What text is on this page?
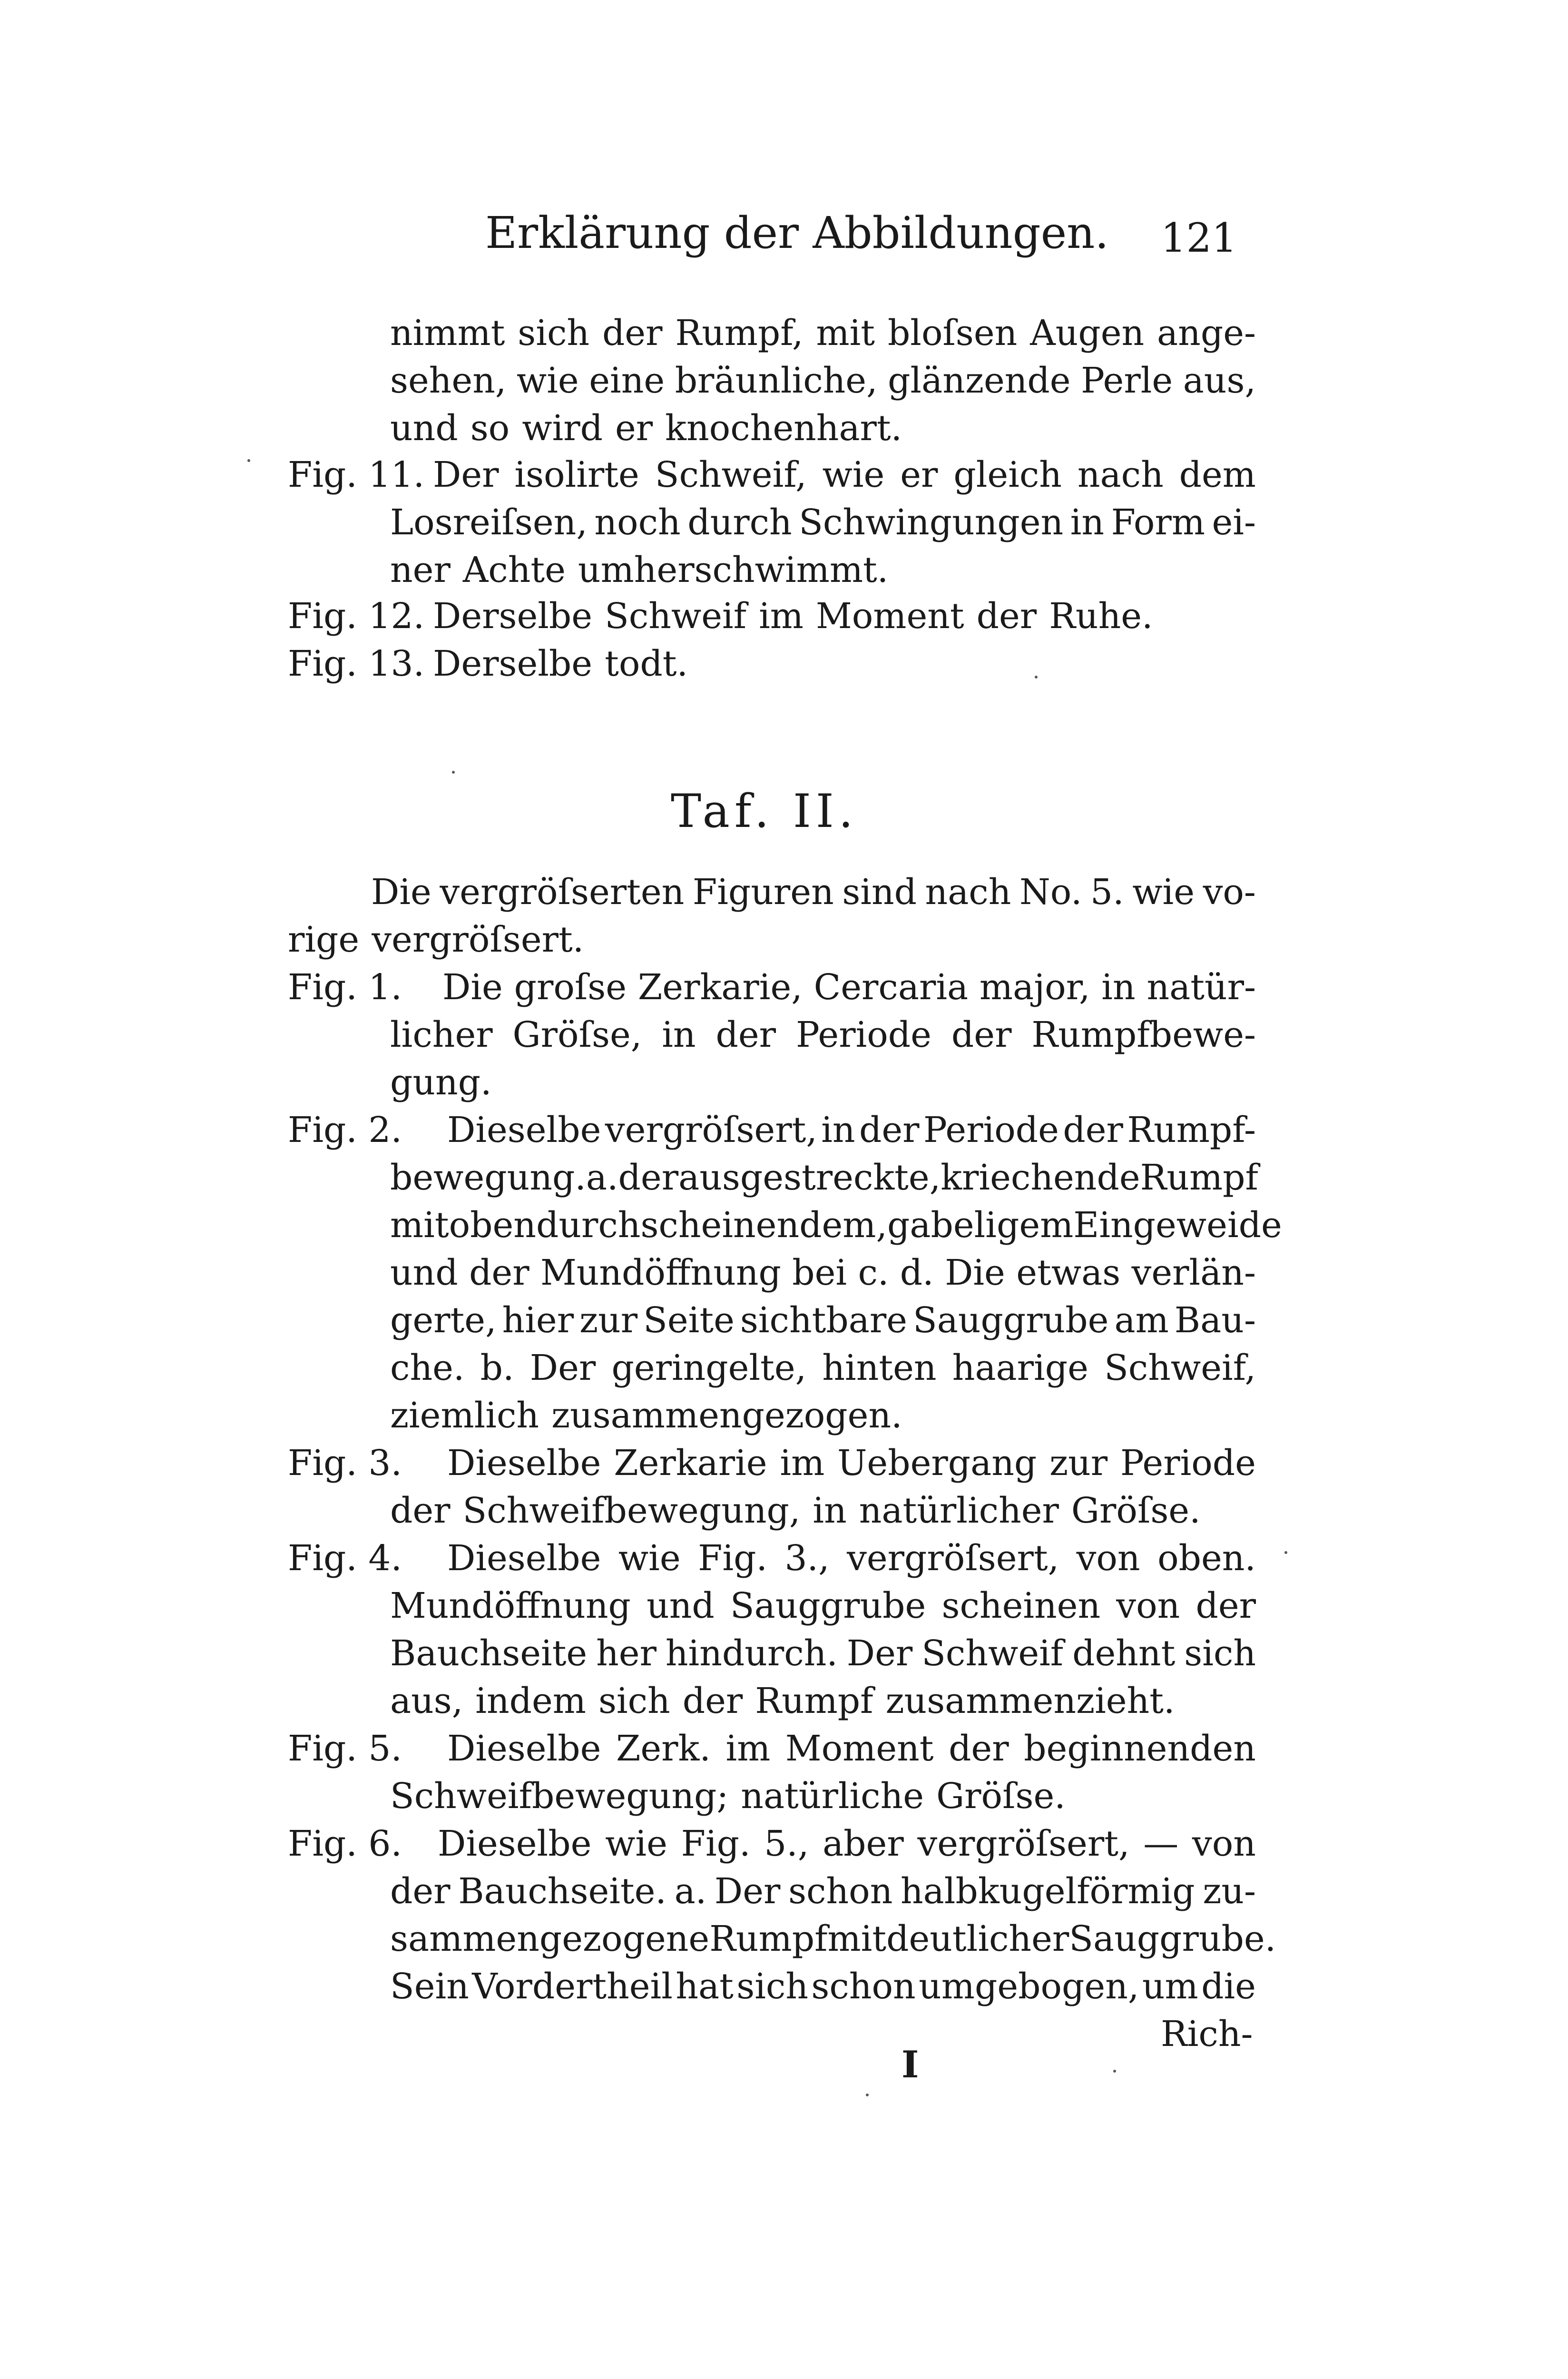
Erklärung der Abbildungen. 121
nimmt sich der Rumpf, mit bloſsen Augen ange-
sehen, wie eine bräunliche, glänzende Perle aus,
und so wird er knochenhart.
Fig. 11. Der isolirte Schweif, wie er gleich nach dem
Losreiſsen, noch durch Schwingungen in Form ei-
ner Achte umherschwimmt.
Fig. 12. Derselbe Schweif im Moment der Ruhe.
Fig. 13. Derselbe todt.
Taf. II.
Die vergröſserten Figuren sind nach No. 5. wie vo-
rige vergröſsert.
Fig. 1. Die groſse Zerkarie, Cercaria major, in natür-
licher Gröſse, in der Periode der Rumpfbewe-
gung.
Fig. 2. Dieselbe vergröſsert, in der Periode der Rumpf-
bewegung. a. der ausgestreckte, kriechende Rumpf
mit oben durchscheinendem, gabeligem Eingeweide
und der Mundöffnung bei c. d. Die etwas verlän-
gerte, hier zur Seite sichtbare Sauggrube am Bau-
che. b. Der geringelte, hinten haarige Schweif,
ziemlich zusammengezogen.
Fig. 3. Dieselbe Zerkarie im Uebergang zur Periode
der Schweifbewegung, in natürlicher Gröſse.
Fig. 4. Dieselbe wie Fig. 3., vergröſsert, von oben.
Mundöffnung und Sauggrube scheinen von der
Bauchseite her hindurch. Der Schweif dehnt sich
aus, indem sich der Rumpf zusammenzieht.
Fig. 5. Dieselbe Zerk. im Moment der beginnenden
Schweifbewegung; natürliche Gröſse.
Fig. 6. Dieselbe wie Fig. 5., aber vergröſsert, — von
der Bauchseite. a. Der schon halbkugelförmig zu-
sammengezogene Rumpf mit deutlicher Sauggrube.
Sein Vordertheil hat sich schon umgebogen, um die
Rich-
I
